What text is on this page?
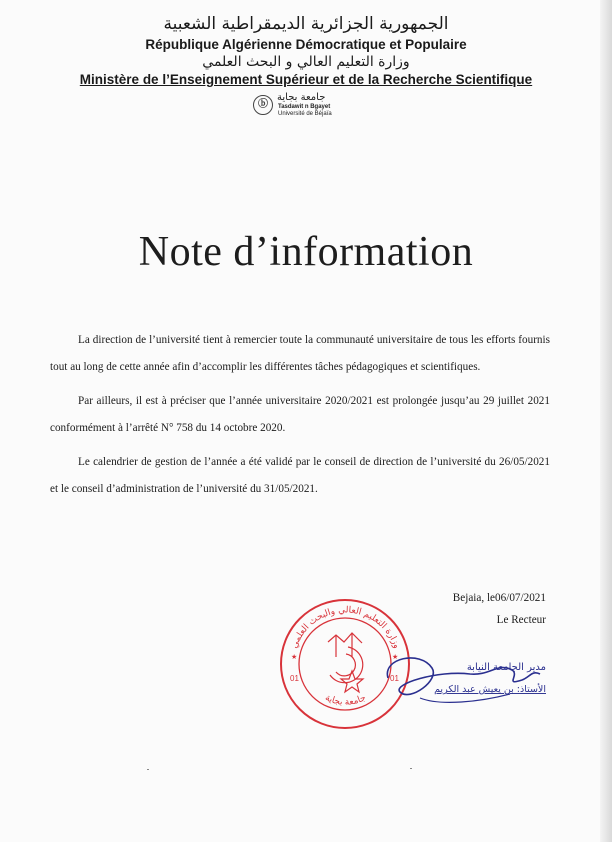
الجمهورية الجزائرية الديمقراطية الشعبية
République Algérienne Démocratique et Populaire
وزارة التعليم العالي و البحث العلمي
Ministère de l’Enseignement Supérieur et de la Recherche Scientifique
ⓑ
جامعة بجاية
Tasdawit n Bgayet
Université de Béjaïa
Note d’information

La direction de l’université tient à remercier toute la communauté universitaire de tous les efforts fournis tout au long de cette année afin d’accomplir les différentes tâches pédagogiques et scientifiques.

Par ailleurs, il est à préciser que l’année universitaire 2020/2021 est prolongée jusqu’au 29 juillet 2021 conformément à l’arrêté N° 758 du 14 octobre 2020.

Le calendrier de gestion de l’année a été validé par le conseil de direction de l’université du 26/05/2021 et le conseil d’administration de l’université du 31/05/2021.

Bejaia, le06/07/2021
Le Recteur
وزارة التعليم العالي والبحث العلمي
جامعة بجاية
01	01
★	★
مدير الجامعة النيابة
الأستاذ: بن يعيش عبد الكريم
